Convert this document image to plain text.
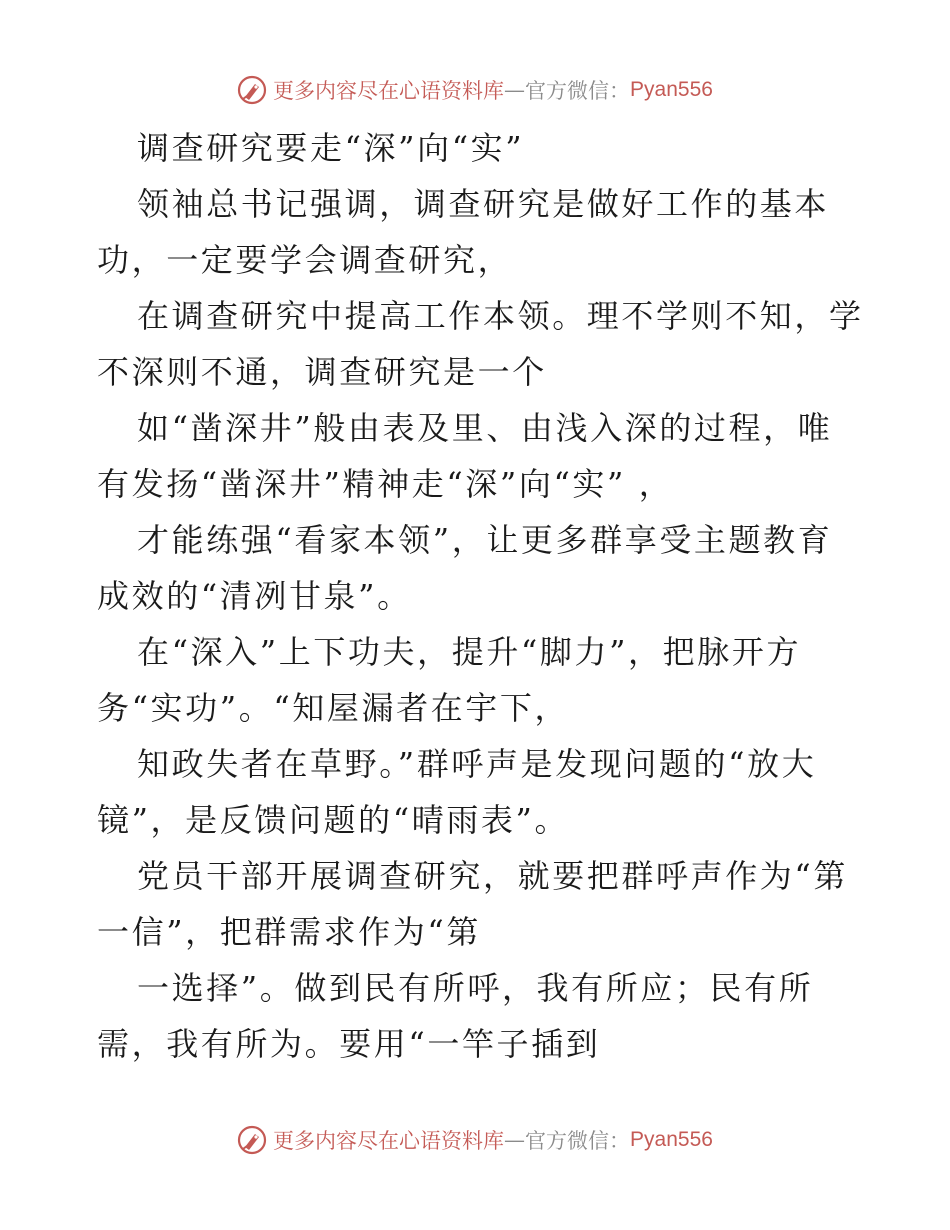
更多内容尽在心语资料库 — 官方微信： Pyan556
调查研究要走“深”向“实”
领袖总书记强调，调查研究是做好工作的基本
功，一定要学会调查研究，
在调查研究中提高工作本领。理不学则不知，学
不深则不通，调查研究是一个
如“凿深井”般由表及里、由浅入深的过程，唯
有发扬“凿深井”精神走“深”向“实” ，
才能练强“看家本领”，让更多群享受主题教育
成效的“清冽甘泉”。
在“深入”上下功夫，提升“脚力”，把脉开方
务“实功”。“知屋漏者在宇下，
知政失者在草野。”群呼声是发现问题的“放大
镜”，是反馈问题的“晴雨表”。
党员干部开展调查研究，就要把群呼声作为“第
一信”，把群需求作为“第
一选择”。做到民有所呼，我有所应；民有所
需，我有所为。要用“一竿子插到
更多内容尽在心语资料库 — 官方微信： Pyan556
